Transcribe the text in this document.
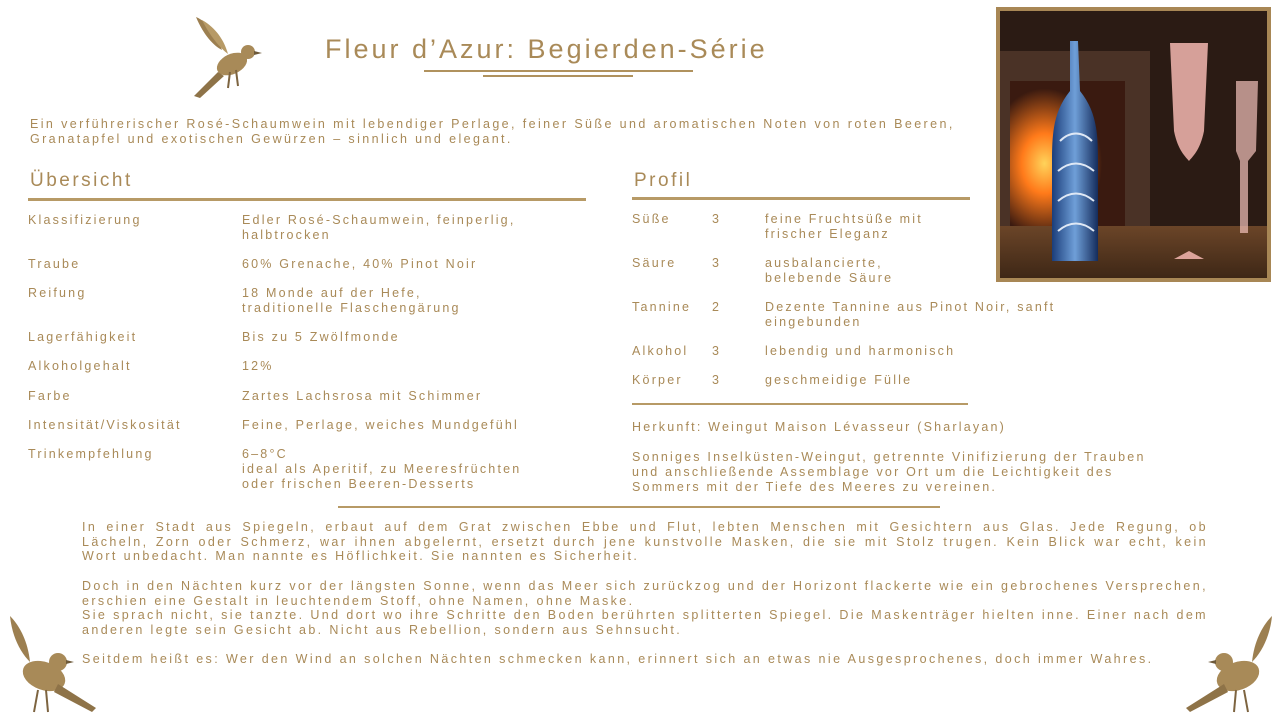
Fleur d’Azur: Begierden-Série
Ein verführerischer Rosé-Schaumwein mit lebendiger Perlage, feiner Süße und aromatischen Noten von roten Beeren, Granatapfel und exotischen Gewürzen – sinnlich und elegant.
Übersicht
Klassifizierung	Edler Rosé-Schaumwein, feinperlig,
halbtrocken
Traube	60% Grenache, 40% Pinot Noir
Reifung	18 Monde auf der Hefe,
traditionelle Flaschengärung
Lagerfähigkeit	Bis zu 5 Zwölfmonde
Alkoholgehalt	12%
Farbe	Zartes Lachsrosa mit Schimmer
Intensität/Viskosität	Feine, Perlage, weiches Mundgefühl
Trinkempfehlung	6–8°C
ideal als Aperitif, zu Meeresfrüchten
oder frischen Beeren-Desserts
Profil
Süße	3	feine Fruchtsüße mit
frischer Eleganz
Säure	3	ausbalancierte,
belebende Säure
Tannine 2	Dezente Tannine aus Pinot Noir, sanft
eingebunden
Alkohol 3	lebendig und harmonisch
Körper 3	geschmeidige Fülle
Herkunft: Weingut Maison Lévasseur (Sharlayan)
Sonniges Inselküsten-Weingut, getrennte Vinifizierung der Trauben
und anschließende Assemblage vor Ort um die Leichtigkeit des
Sommers mit der Tiefe des Meeres zu vereinen.

In einer Stadt aus Spiegeln, erbaut auf dem Grat zwischen Ebbe und Flut, lebten Menschen mit Gesichtern aus Glas. Jede Regung, ob Lächeln, Zorn oder Schmerz, war ihnen abgelernt, ersetzt durch jene kunstvolle Masken, die sie mit Stolz trugen. Kein Blick war echt, kein Wort unbedacht. Man nannte es Höflichkeit. Sie nannten es Sicherheit.

Doch in den Nächten kurz vor der längsten Sonne, wenn das Meer sich zurückzog und der Horizont flackerte wie ein gebrochenes Versprechen, erschien eine Gestalt in leuchtendem Stoff, ohne Namen, ohne Maske.
Sie sprach nicht, sie tanzte. Und dort wo ihre Schritte den Boden berührten splitterten Spiegel. Die Maskenträger hielten inne. Einer nach dem anderen legte sein Gesicht ab. Nicht aus Rebellion, sondern aus Sehnsucht.

Seitdem heißt es: Wer den Wind an solchen Nächten schmecken kann, erinnert sich an etwas nie Ausgesprochenes, doch immer Wahres.
